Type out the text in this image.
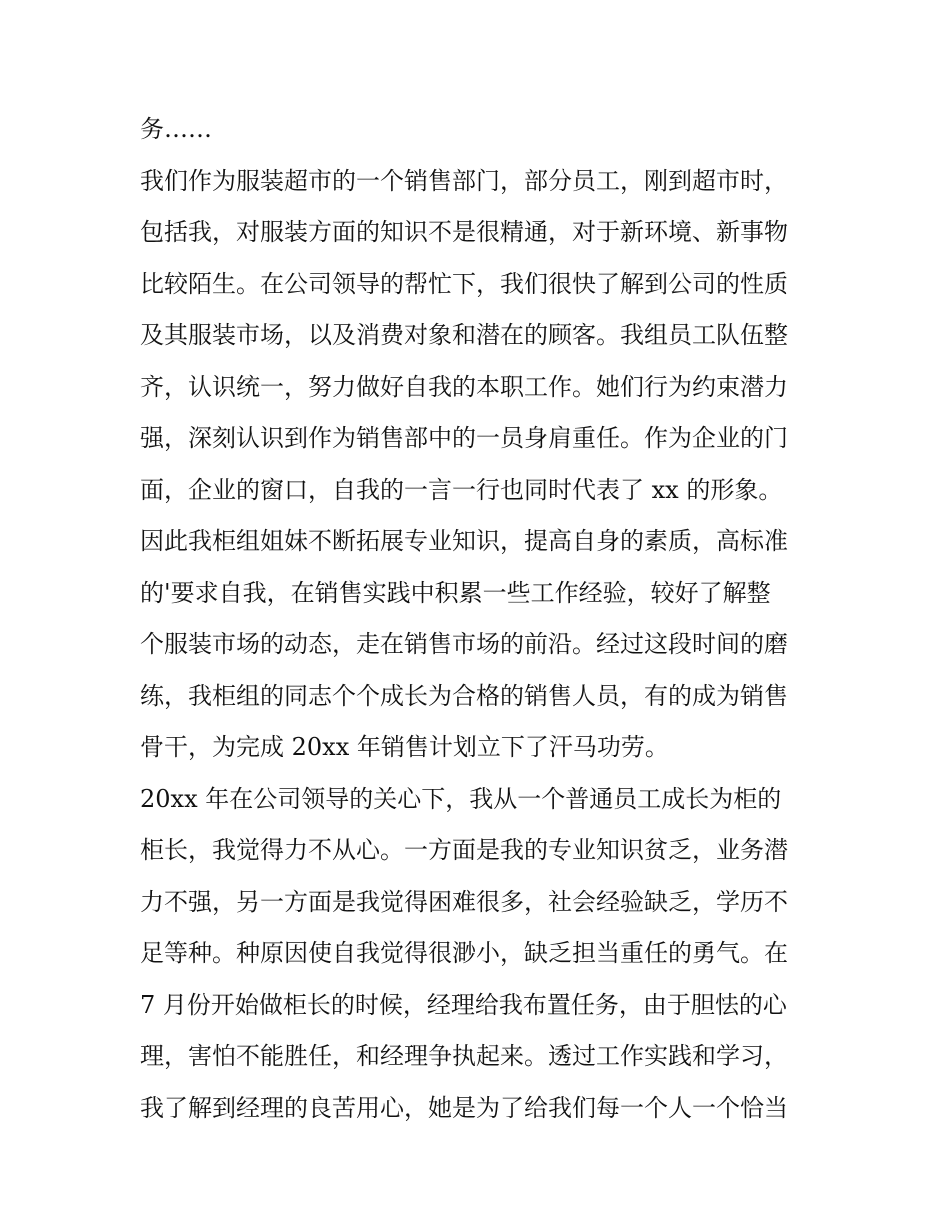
务……
我们作为服装超市的一个销售部门，部分员工，刚到超市时，
包括我，对服装方面的知识不是很精通，对于新环境、新事物
比较陌生。在公司领导的帮忙下，我们很快了解到公司的性质
及其服装市场，以及消费对象和潜在的顾客。我组员工队伍整
齐，认识统一，努力做好自我的本职工作。她们行为约束潜力
强，深刻认识到作为销售部中的一员身肩重任。作为企业的门
面，企业的窗口，自我的一言一行也同时代表了 xx 的形象。
因此我柜组姐妹不断拓展专业知识，提高自身的素质，高标准
的'要求自我，在销售实践中积累一些工作经验，较好了解整
个服装市场的动态，走在销售市场的前沿。经过这段时间的磨
练，我柜组的同志个个成长为合格的销售人员，有的成为销售
骨干，为完成 20xx 年销售计划立下了汗马功劳。
20xx 年在公司领导的关心下，我从一个普通员工成长为柜的
柜长，我觉得力不从心。一方面是我的专业知识贫乏，业务潜
力不强，另一方面是我觉得困难很多，社会经验缺乏，学历不
足等种。种原因使自我觉得很渺小，缺乏担当重任的勇气。在
7 月份开始做柜长的时候，经理给我布置任务，由于胆怯的心
理，害怕不能胜任，和经理争执起来。透过工作实践和学习，
我了解到经理的良苦用心，她是为了给我们每一个人一个恰当
